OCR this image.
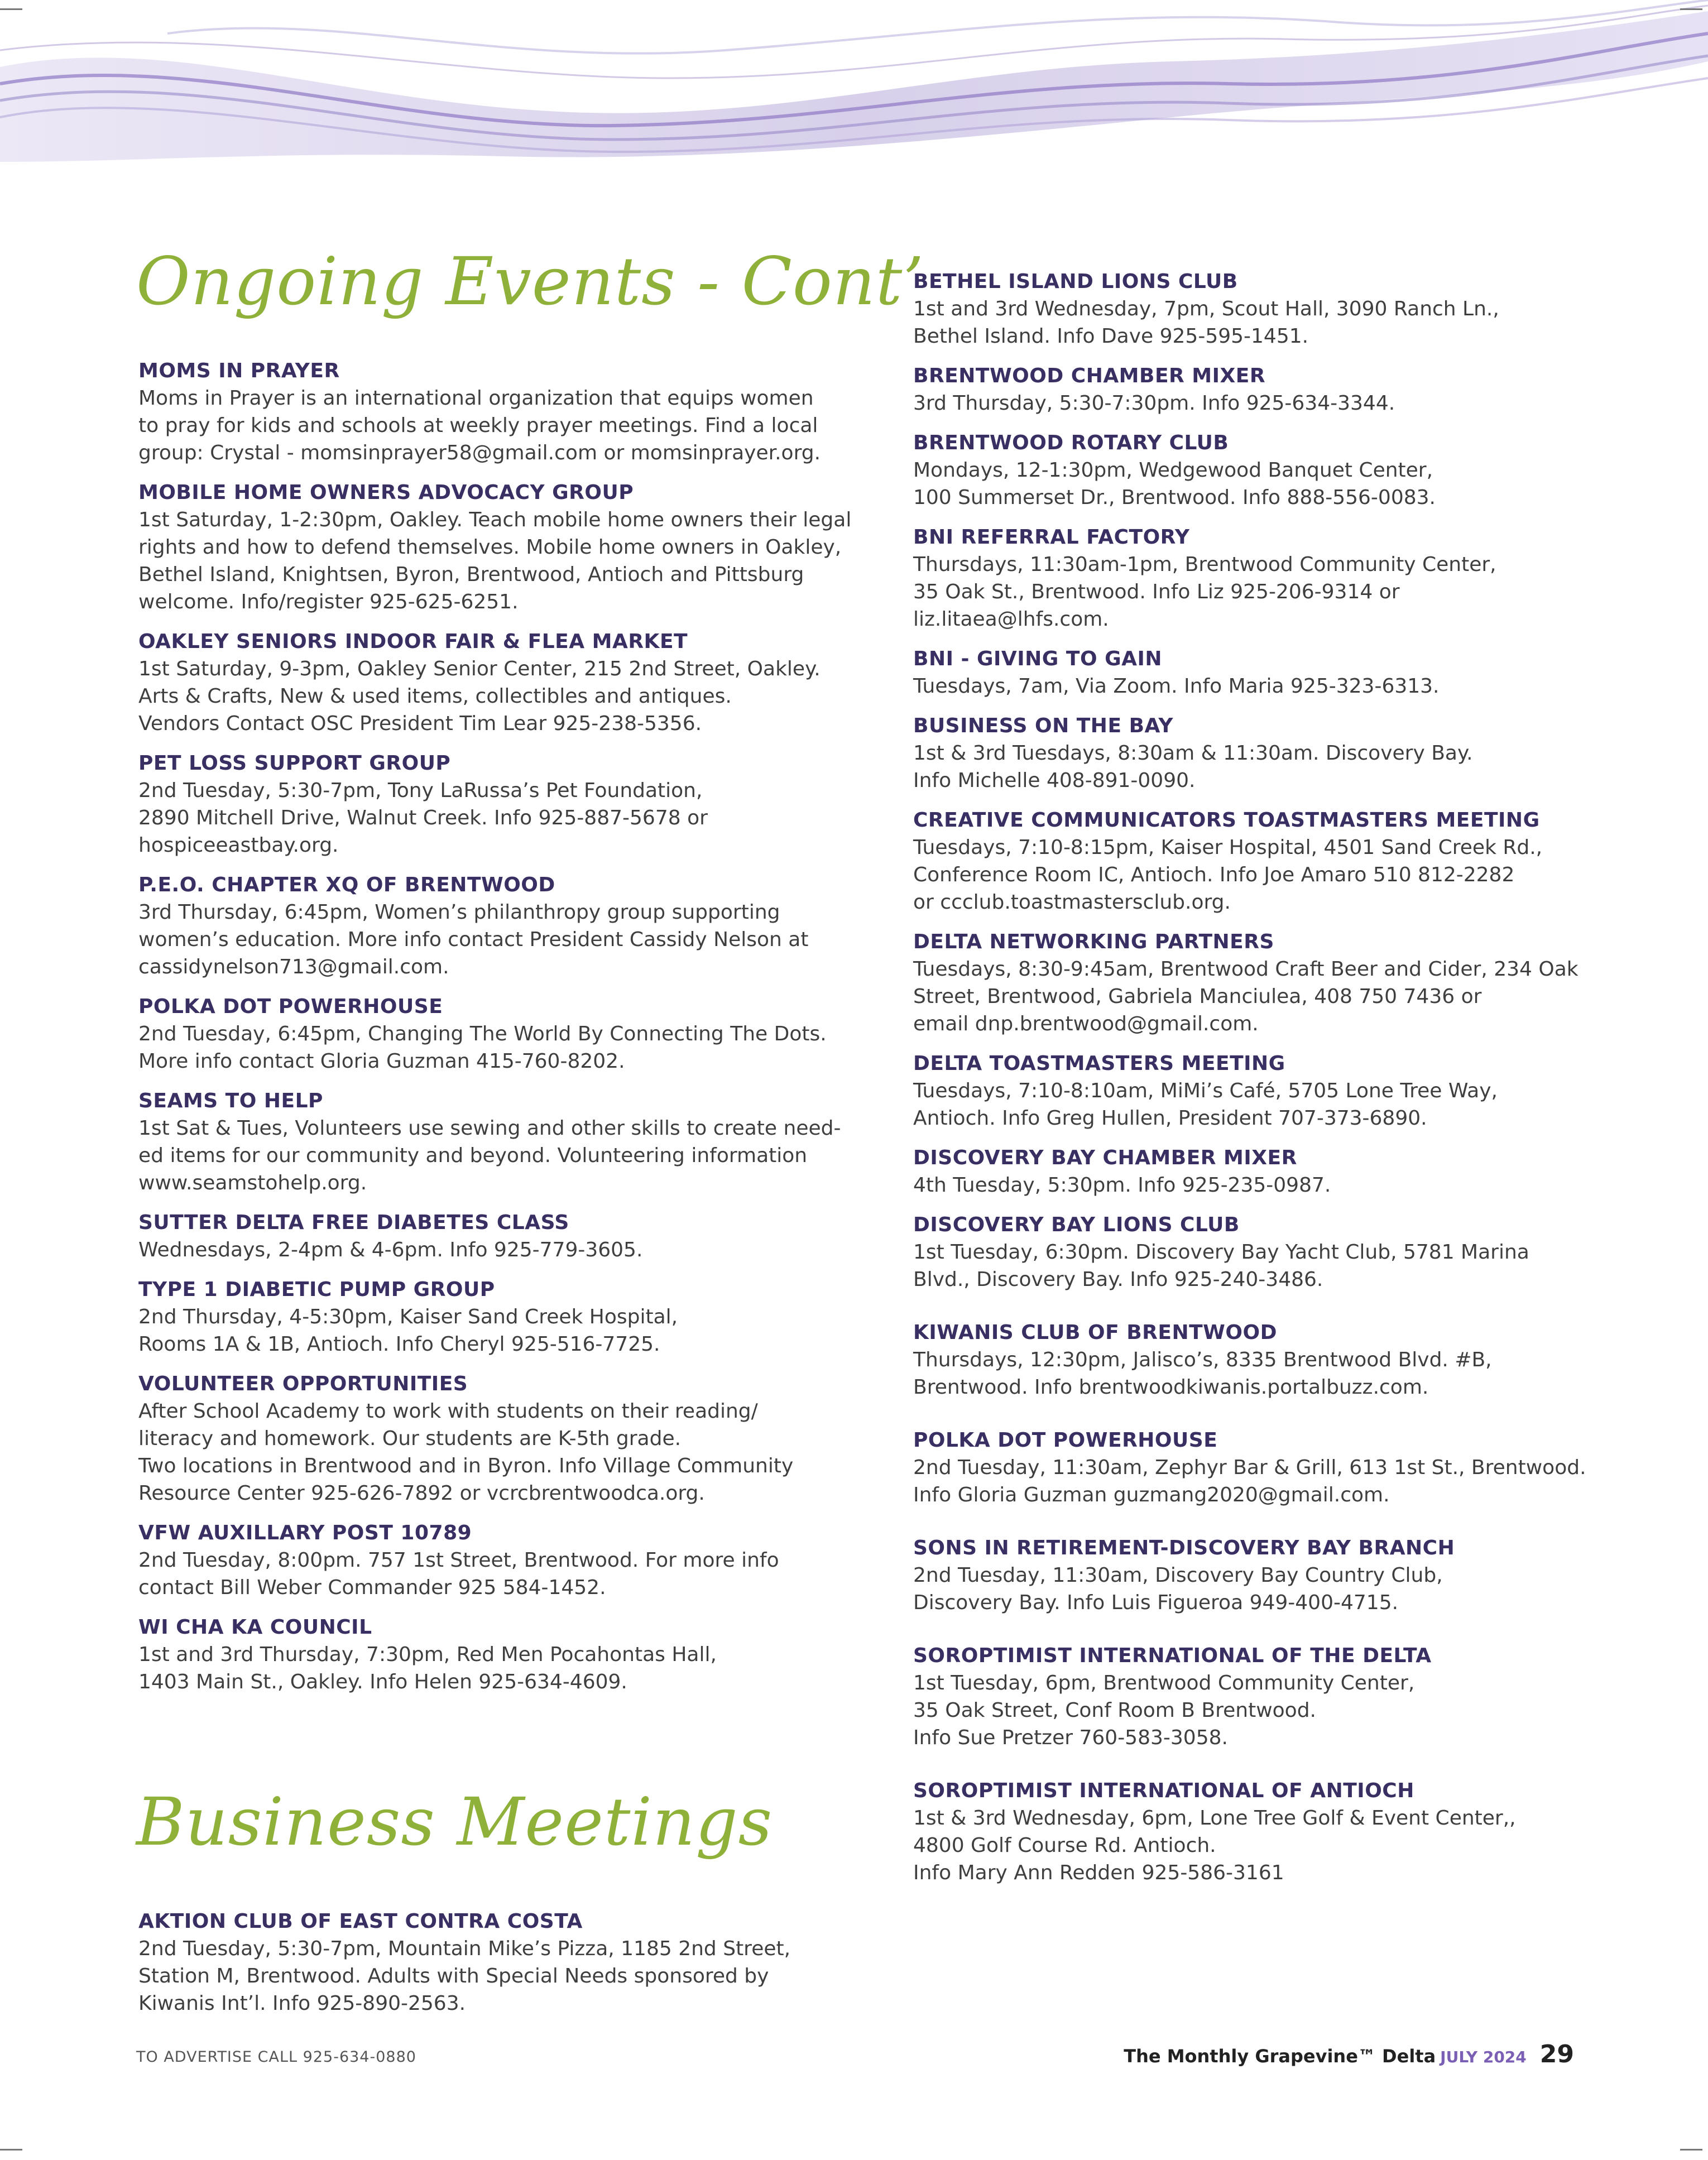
Ongoing Events - Cont’
Business Meetings
MOMS IN PRAYER
Moms in Prayer is an international organization that equips women
to pray for kids and schools at weekly prayer meetings. Find a local
group: Crystal - momsinprayer58@gmail.com or momsinprayer.org.
MOBILE HOME OWNERS ADVOCACY GROUP
1st Saturday, 1-2:30pm, Oakley. Teach mobile home owners their legal
rights and how to defend themselves. Mobile home owners in Oakley,
Bethel Island, Knightsen, Byron, Brentwood, Antioch and Pittsburg
welcome. Info/register 925-625-6251.
OAKLEY SENIORS INDOOR FAIR & FLEA MARKET
1st Saturday, 9-3pm, Oakley Senior Center, 215 2nd Street, Oakley.
Arts & Crafts, New & used items, collectibles and antiques.
Vendors Contact OSC President Tim Lear 925-238-5356.
PET LOSS SUPPORT GROUP
2nd Tuesday, 5:30-7pm, Tony LaRussa’s Pet Foundation,
2890 Mitchell Drive, Walnut Creek. Info 925-887-5678 or
hospiceeastbay.org.
P.E.O. CHAPTER XQ OF BRENTWOOD
3rd Thursday, 6:45pm, Women’s philanthropy group supporting
women’s education. More info contact President Cassidy Nelson at
cassidynelson713@gmail.com.
POLKA DOT POWERHOUSE
2nd Tuesday, 6:45pm, Changing The World By Connecting The Dots.
More info contact Gloria Guzman 415-760-8202.
SEAMS TO HELP
1st Sat & Tues, Volunteers use sewing and other skills to create need-
ed items for our community and beyond. Volunteering information
www.seamstohelp.org.
SUTTER DELTA FREE DIABETES CLASS
Wednesdays, 2-4pm & 4-6pm. Info 925-779-3605.
TYPE 1 DIABETIC PUMP GROUP
2nd Thursday, 4-5:30pm, Kaiser Sand Creek Hospital,
Rooms 1A & 1B, Antioch. Info Cheryl 925-516-7725.
VOLUNTEER OPPORTUNITIES
After School Academy to work with students on their reading/
literacy and homework. Our students are K-5th grade.
Two locations in Brentwood and in Byron. Info Village Community
Resource Center 925-626-7892 or vcrcbrentwoodca.org.
VFW AUXILLARY POST 10789
2nd Tuesday, 8:00pm. 757 1st Street, Brentwood. For more info
contact Bill Weber Commander 925 584-1452.
WI CHA KA COUNCIL
1st and 3rd Thursday, 7:30pm, Red Men Pocahontas Hall,
1403 Main St., Oakley. Info Helen 925-634-4609.
AKTION CLUB OF EAST CONTRA COSTA
2nd Tuesday, 5:30-7pm, Mountain Mike’s Pizza, 1185 2nd Street,
Station M, Brentwood. Adults with Special Needs sponsored by
Kiwanis Int’l. Info 925-890-2563.
BETHEL ISLAND LIONS CLUB
1st and 3rd Wednesday, 7pm, Scout Hall, 3090 Ranch Ln.,
Bethel Island. Info Dave 925-595-1451.
BRENTWOOD CHAMBER MIXER
3rd Thursday, 5:30-7:30pm. Info 925-634-3344.
BRENTWOOD ROTARY CLUB
Mondays, 12-1:30pm, Wedgewood Banquet Center,
100 Summerset Dr., Brentwood. Info 888-556-0083.
BNI REFERRAL FACTORY
Thursdays, 11:30am-1pm, Brentwood Community Center,
35 Oak St., Brentwood. Info Liz 925-206-9314 or
liz.litaea@lhfs.com.
BNI - GIVING TO GAIN
Tuesdays, 7am, Via Zoom. Info Maria 925-323-6313.
BUSINESS ON THE BAY
1st & 3rd Tuesdays, 8:30am & 11:30am. Discovery Bay.
Info Michelle 408-891-0090.
CREATIVE COMMUNICATORS TOASTMASTERS MEETING
Tuesdays, 7:10-8:15pm, Kaiser Hospital, 4501 Sand Creek Rd.,
Conference Room IC, Antioch. Info Joe Amaro 510 812-2282
or ccclub.toastmastersclub.org.
DELTA NETWORKING PARTNERS
Tuesdays, 8:30-9:45am, Brentwood Craft Beer and Cider, 234 Oak
Street, Brentwood, Gabriela Manciulea, 408 750 7436 or
email dnp.brentwood@gmail.com.
DELTA TOASTMASTERS MEETING
Tuesdays, 7:10-8:10am, MiMi’s Café, 5705 Lone Tree Way,
Antioch. Info Greg Hullen, President 707-373-6890.
DISCOVERY BAY CHAMBER MIXER
4th Tuesday, 5:30pm. Info 925-235-0987.
DISCOVERY BAY LIONS CLUB
1st Tuesday, 6:30pm. Discovery Bay Yacht Club, 5781 Marina
Blvd., Discovery Bay. Info 925-240-3486.
KIWANIS CLUB OF BRENTWOOD
Thursdays, 12:30pm, Jalisco’s, 8335 Brentwood Blvd. #B,
Brentwood. Info brentwoodkiwanis.portalbuzz.com.
POLKA DOT POWERHOUSE
2nd Tuesday, 11:30am, Zephyr Bar & Grill, 613 1st St., Brentwood.
Info Gloria Guzman guzmang2020@gmail.com.
SONS IN RETIREMENT-DISCOVERY BAY BRANCH
2nd Tuesday, 11:30am, Discovery Bay Country Club,
Discovery Bay. Info Luis Figueroa 949-400-4715.
SOROPTIMIST INTERNATIONAL OF THE DELTA
1st Tuesday, 6pm, Brentwood Community Center,
35 Oak Street, Conf Room B Brentwood.
Info Sue Pretzer 760-583-3058.
SOROPTIMIST INTERNATIONAL OF ANTIOCH
1st & 3rd Wednesday, 6pm, Lone Tree Golf & Event Center,,
4800 Golf Course Rd. Antioch.
Info Mary Ann Redden 925-586-3161
TO ADVERTISE CALL 925-634-0880	The Monthly Grapevine™ Delta JULY 2024 29
